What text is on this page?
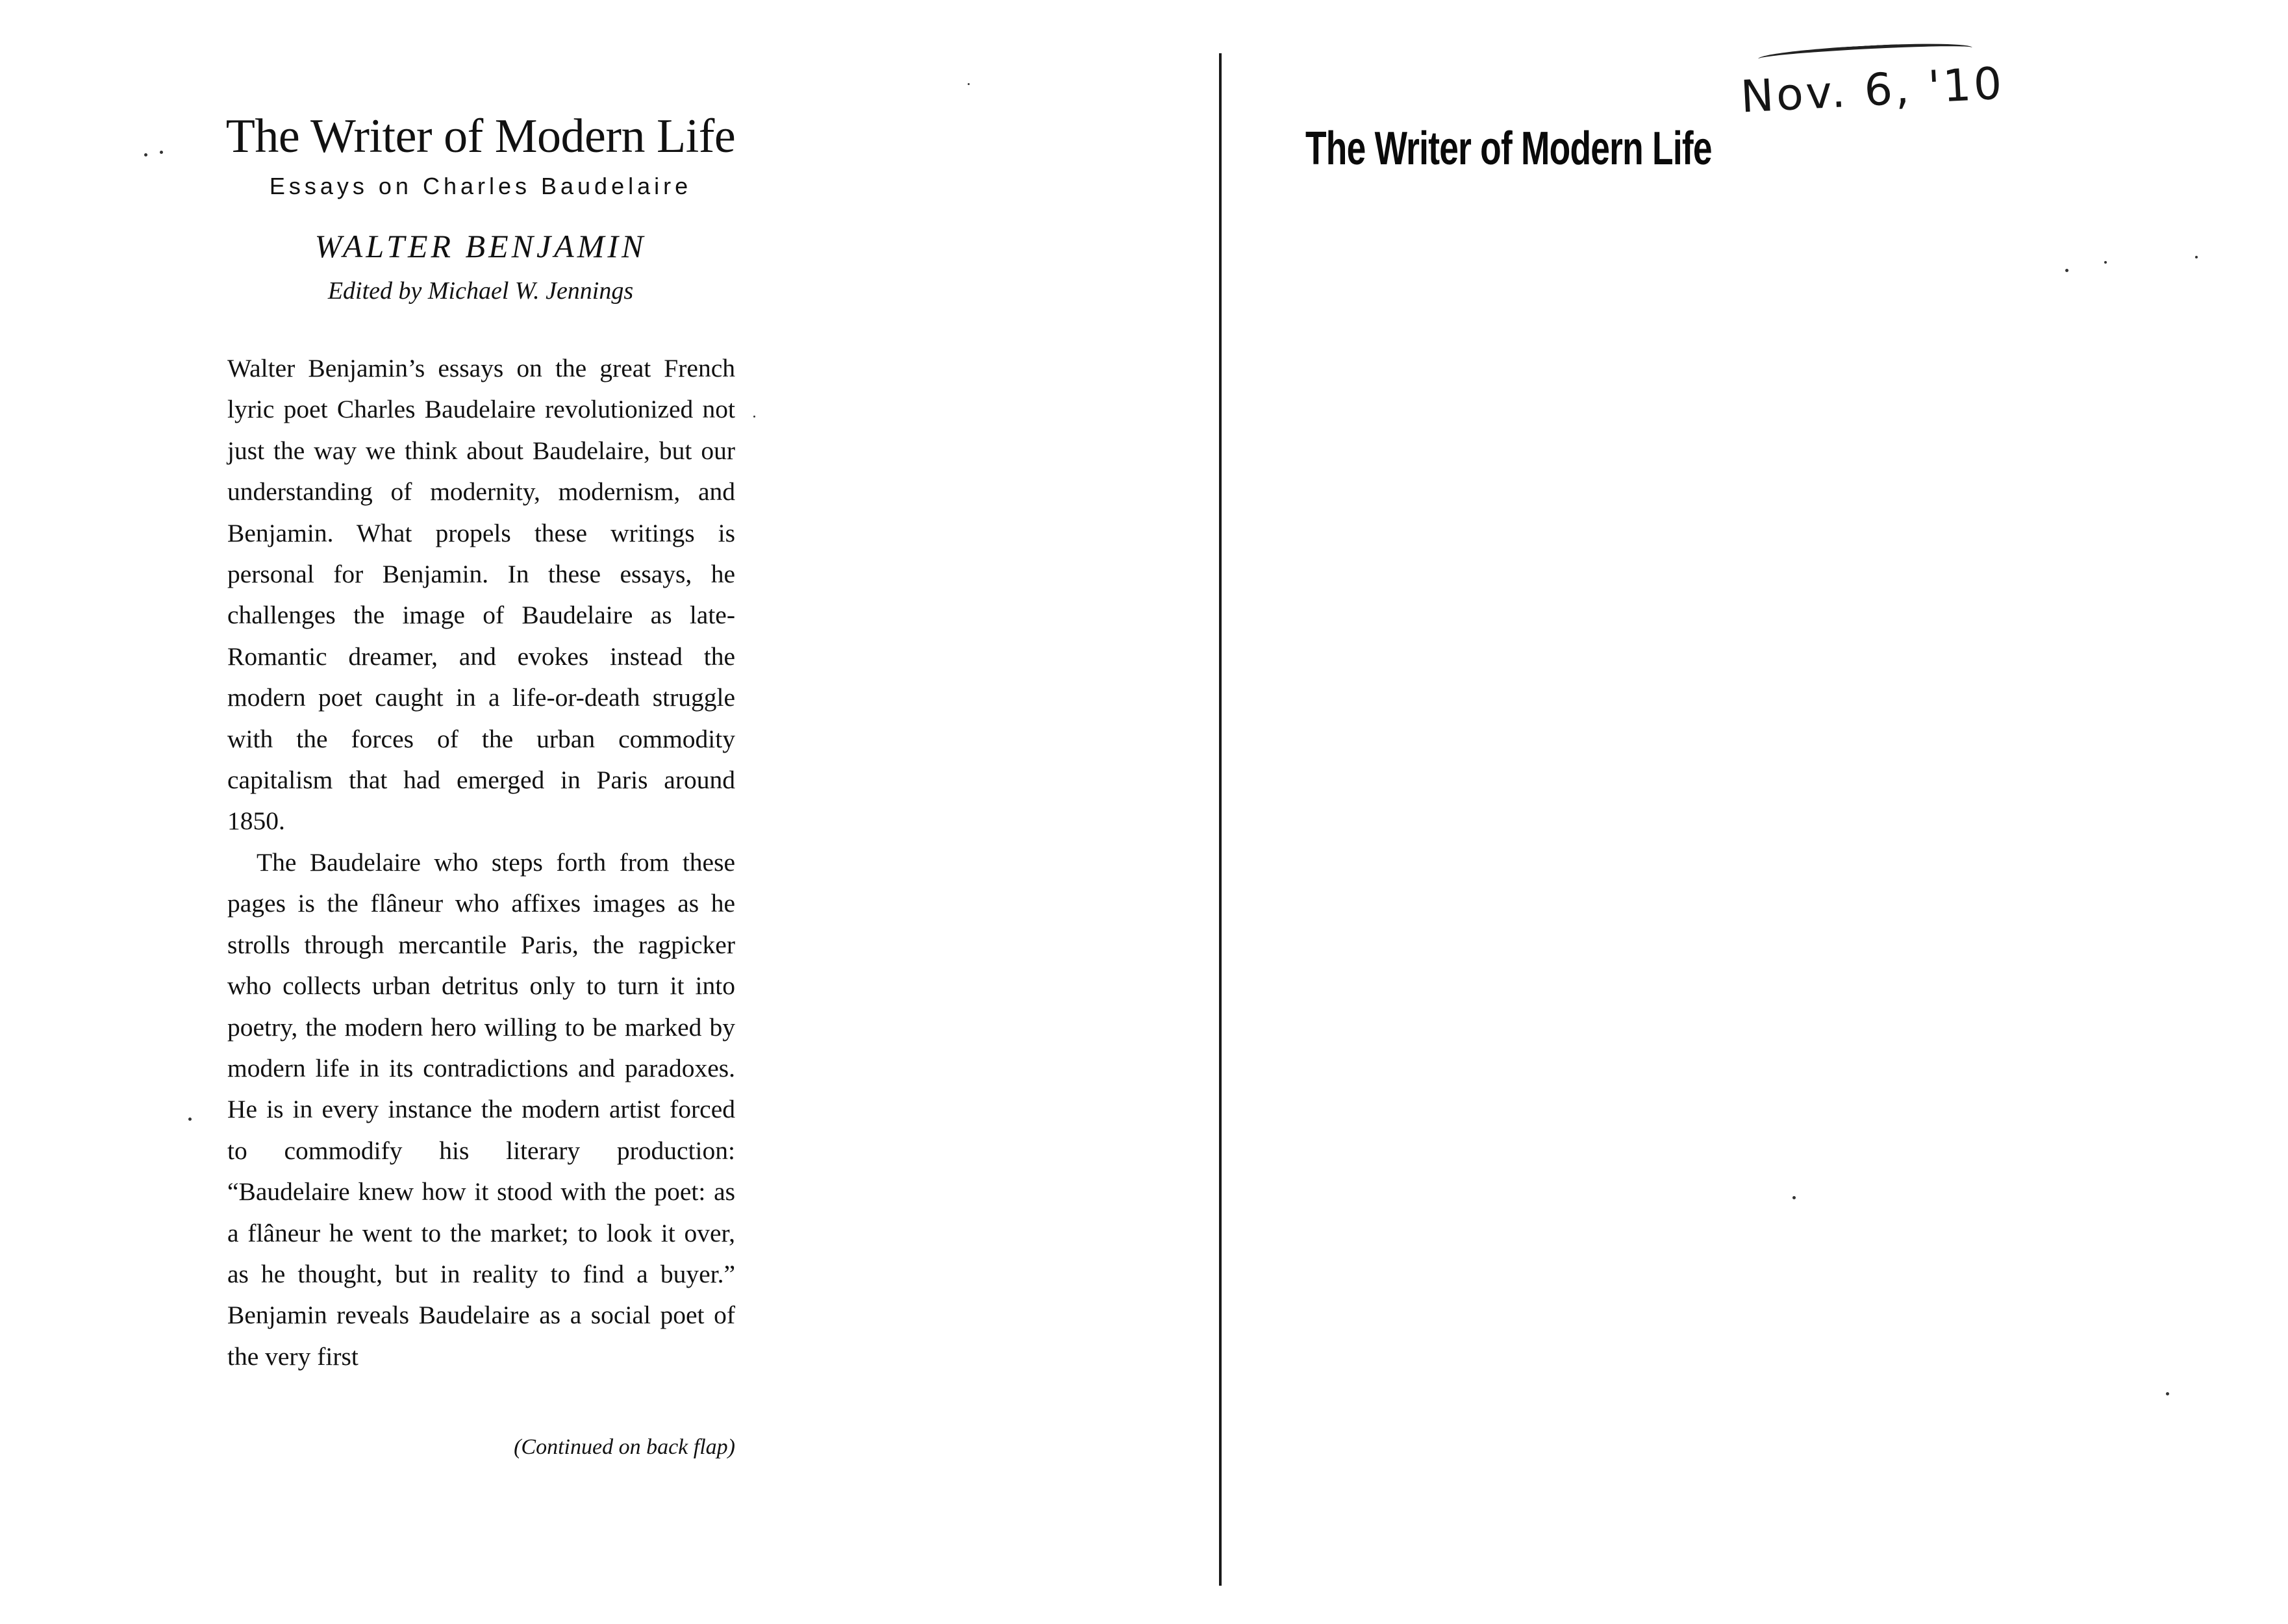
The Writer of Modern Life
Essays on Charles Baudelaire
WALTER BENJAMIN
Edited by Michael W. Jennings

Walter Benjamin’s essays on the great French lyric poet Charles Baudelaire revolutionized not just the way we think about Baudelaire, but our understanding of modernity, modernism, and Benjamin. What propels these writings is personal for Benjamin. In these essays, he challenges the image of Baudelaire as late-Romantic dreamer, and evokes instead the modern poet caught in a life-or-death struggle with the forces of the urban commodity capitalism that had emerged in Paris around 1850.

The Baudelaire who steps forth from these pages is the flâneur who affixes images as he strolls through mercantile Paris, the ragpicker who collects urban detritus only to turn it into poetry, the modern hero willing to be marked by modern life in its contradictions and paradoxes. He is in every instance the modern artist forced to commodify his literary production: “Baudelaire knew how it stood with the poet: as a flâneur he went to the market; to look it over, as he thought, but in reality to find a buyer.” Benjamin reveals Baudelaire as a social poet of the very first

(Continued on back flap)
Nov. 6, '10
The Writer of Modern Life
